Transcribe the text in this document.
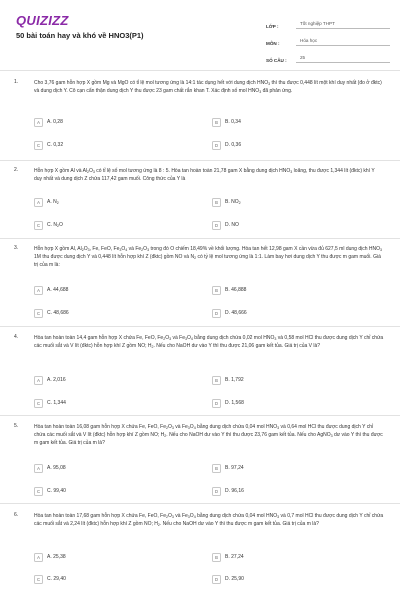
QUIZIZZ
50 bài toán hay và khó về HNO3(P1)
LỚP :
Tốt nghiệp THPT
MÔN :
Hóa học
SỐ CÂU :
25
1.	Cho 3,76 gam hỗn hợp X gồm Mg và MgO có tỉ lệ mol tương ứng là 14:1 tác dụng hết với dung dịch $HNO_3$ thì thu được 0,448 lít một khí duy nhất (đo ở đktc) và dung dịch Y. Cô cạn cẩn thận dung dịch Y thu được 23 gam chất rắn khan T. Xác định số mol $HNO_3$ đã phản ứng.
A	A. 0,28	B	B. 0,34
C	C. 0,32	D	D. 0,36
2.	Hỗn hợp X gồm Al và $Al_2O_3$ có tỉ lệ số mol tương ứng là 8 : 5. Hòa tan hoàn toàn 21,78 gam X bằng dung dịch $HNO_3$ loãng, thu được 1,344 lít (đktc) khí Y duy nhất và dung dịch Z chứa 117,42 gam muối. Công thức của Y là
A	A. $N_2$	B	B. $NO_2$
C	C. $N_2O$	D	D. NO
3.	Hỗn hợp X gồm Al, $Al_2O_3$, Fe, FeO, $Fe_3O_4$ và $Fe_2O_3$ trong đó O chiếm 18,49% về khối lượng. Hòa tan hết 12,98 gam X cần vừa đủ 627,5 ml dung dịch $HNO_3$ 1M thu được dung dịch Y và 0,448 lít hỗn hợp khí Z (đktc) gồm NO và $N_2$ có tỷ lệ mol tương ứng là 1:1. Làm bay hơi dung dịch Y thu được m gam muối. Giá trị của m là:
A	A. 44,688	B	B. 46,888
C	C. 48,686	D	D. 48,666
4.	Hòa tan hoàn toàn 14,4 gam hỗn hợp X chứa Fe, FeO, $Fe_2O_3$ và $Fe_3O_4$ bằng dung dịch chứa 0,02 mol $HNO_3$ và 0,58 mol HCl thu được dung dịch Y chỉ chứa các muối sắt và V lít (đktc) hỗn hợp khí Z gồm NO; $H_2$. Nếu cho NaOH dư vào Y thì thu được 21,06 gam kết tủa. Giá trị của V là?
A	A. 2,016	B	B. 1,792
C	C. 1,344	D	D. 1,568
5.	Hòa tan hoàn toàn 16,08 gam hỗn hợp X chứa Fe, FeO, $Fe_2O_3$ và $Fe_3O_4$ bằng dung dịch chứa 0,04 mol $HNO_3$ và 0,64 mol HCl thu được dung dịch Y chỉ chứa các muối sắt và V lít (đktc) hỗn hợp khí Z gồm NO; $H_2$. Nếu cho NaOH dư vào Y thì thu được 23,76 gam kết tủa. Nếu cho AgNO$_3$ dư vào Y thì thu được m gam kết tủa. Giá trị của m là?
A	A. 95,08	B	B. 97,24
C	C. 99,40	D	D. 96,16
6.	Hòa tan hoàn toàn 17,68 gam hỗn hợp X chứa Fe, FeO, $Fe_2O_3$ và $Fe_3O_4$ bằng dung dịch chứa 0,04 mol $HNO_3$ và 0,7 mol HCl thu được dung dịch Y chỉ chứa các muối sắt và 2,24 lít (đktc) hỗn hợp khí Z gồm NO; $H_2$. Nếu cho NaOH dư vào Y thì thu được m gam kết tủa. Giá trị của m là?
A	A. 25,38	B	B. 27,24
C	C. 29,40	D	D. 25,90
